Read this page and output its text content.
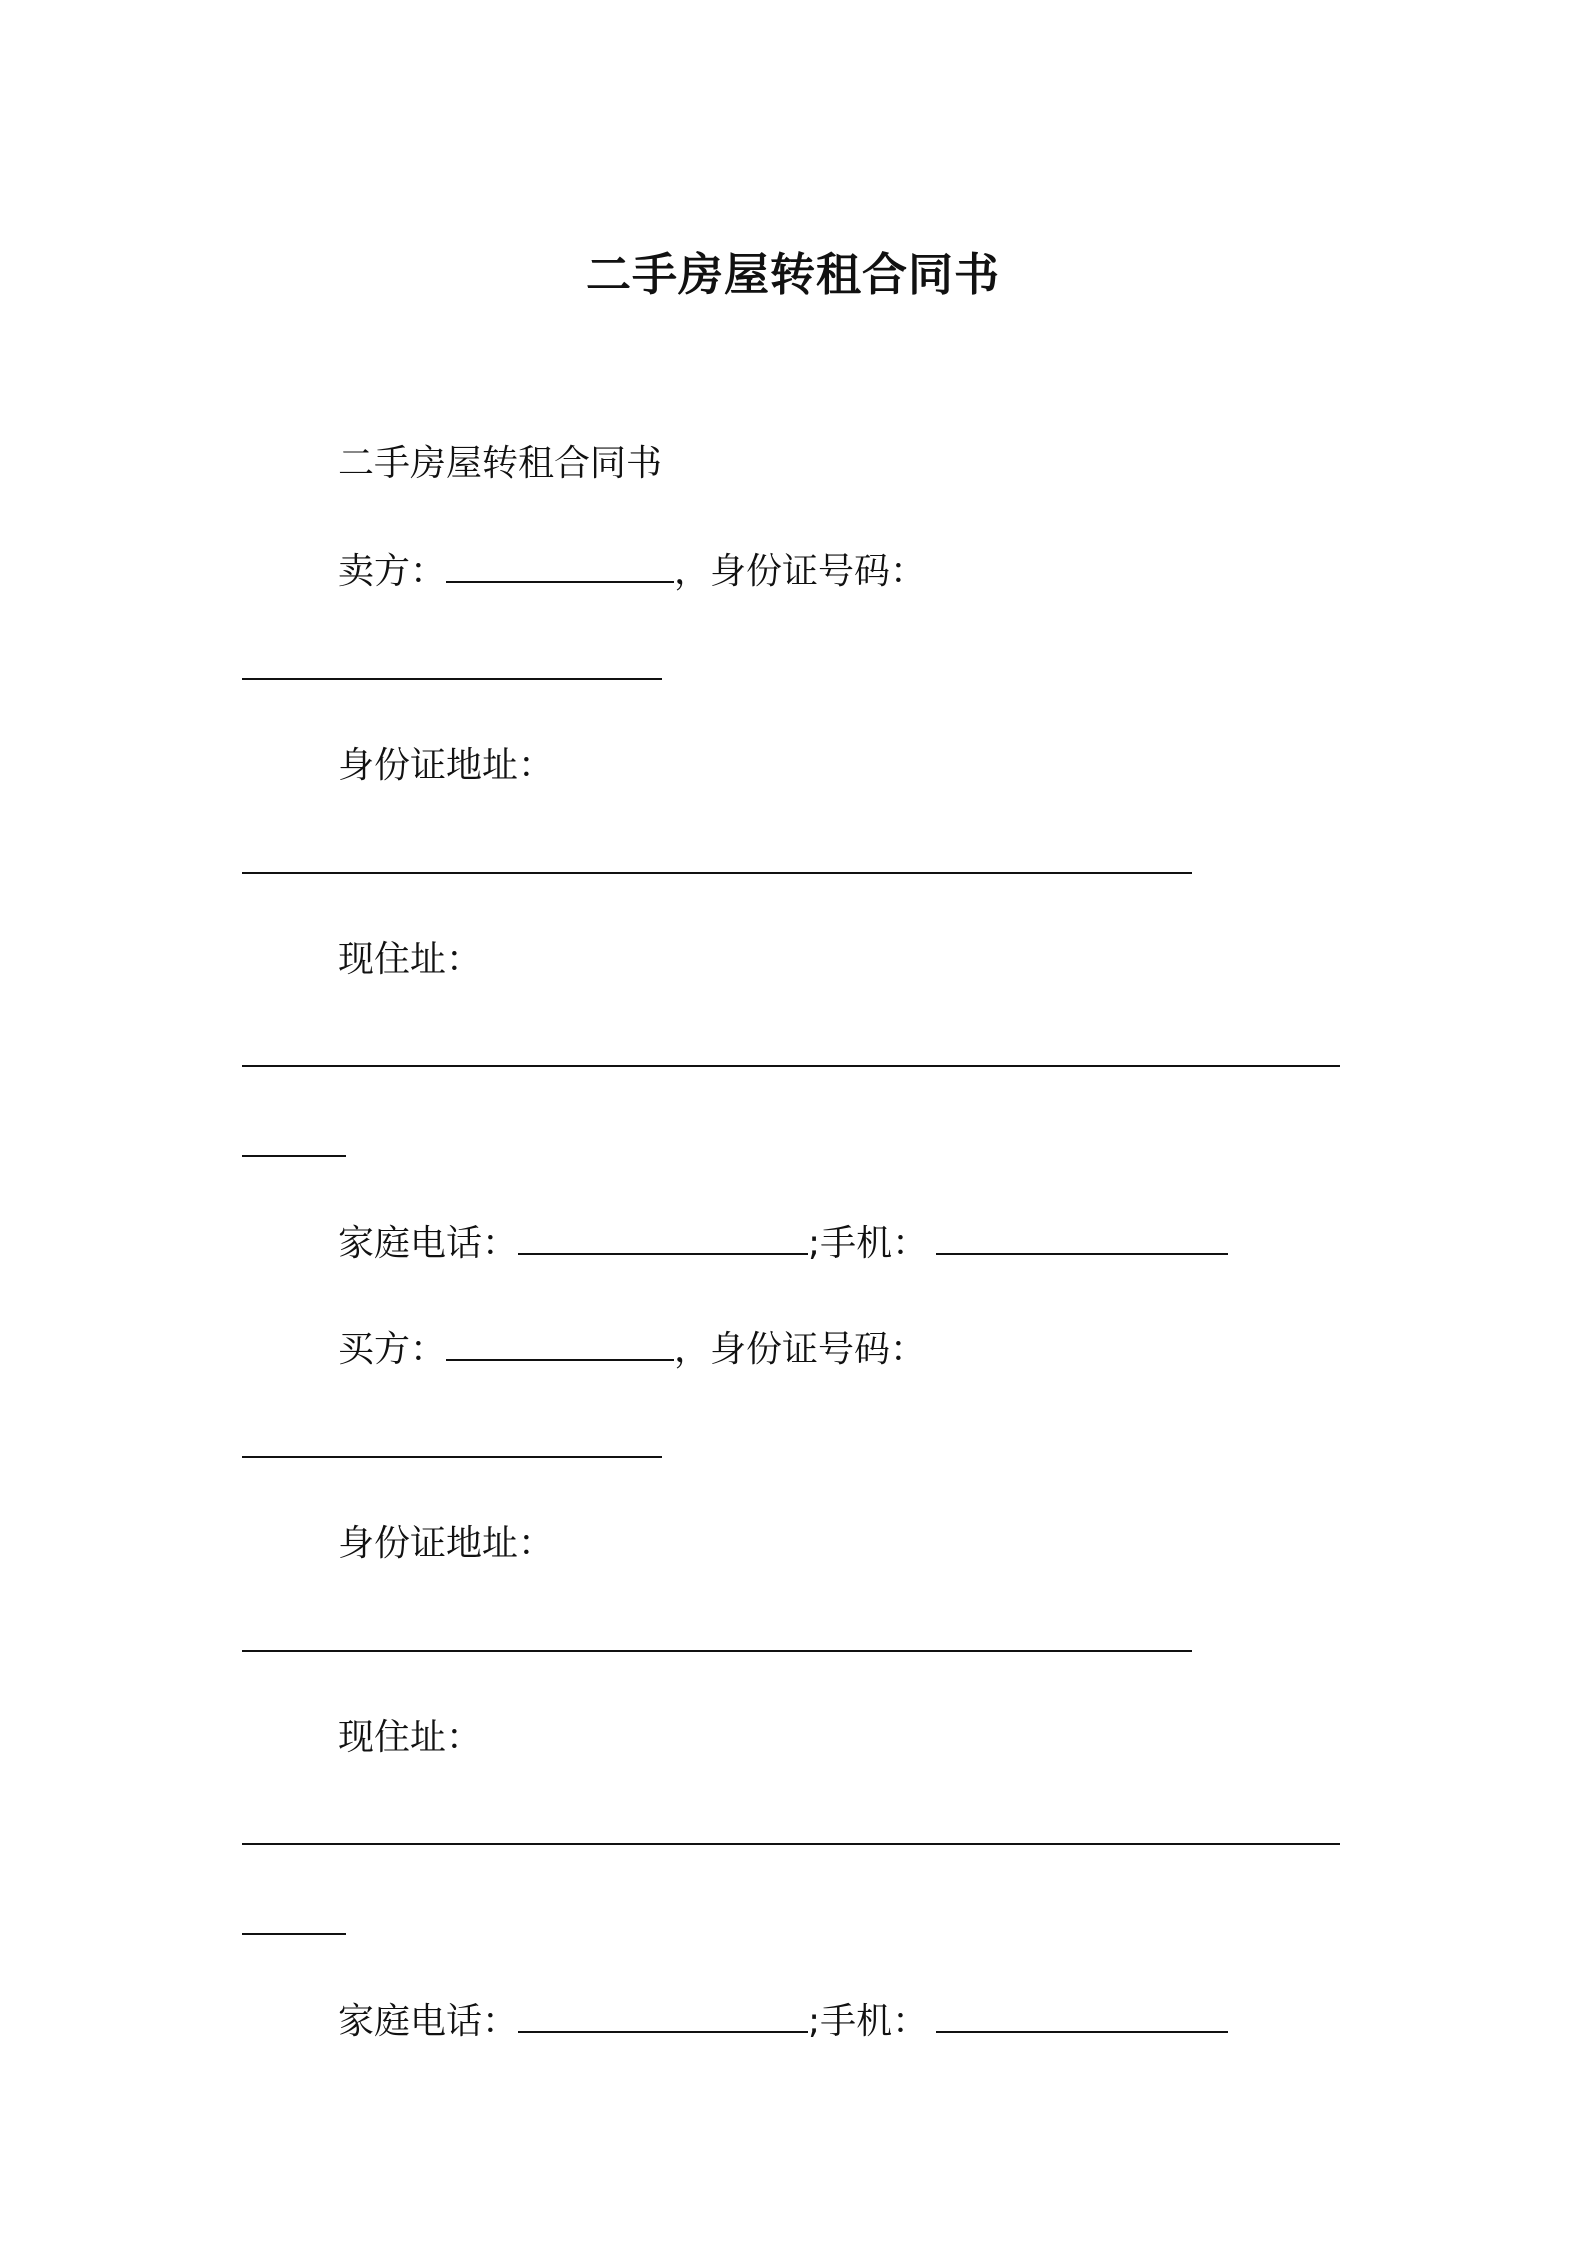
二手房屋转租合同书
二手房屋转租合同书
卖方：	，身份证号码：
身份证地址：
现住址：
家庭电话：	;手机：
买方：	，身份证号码：
身份证地址：
现住址：
家庭电话：	;手机：
